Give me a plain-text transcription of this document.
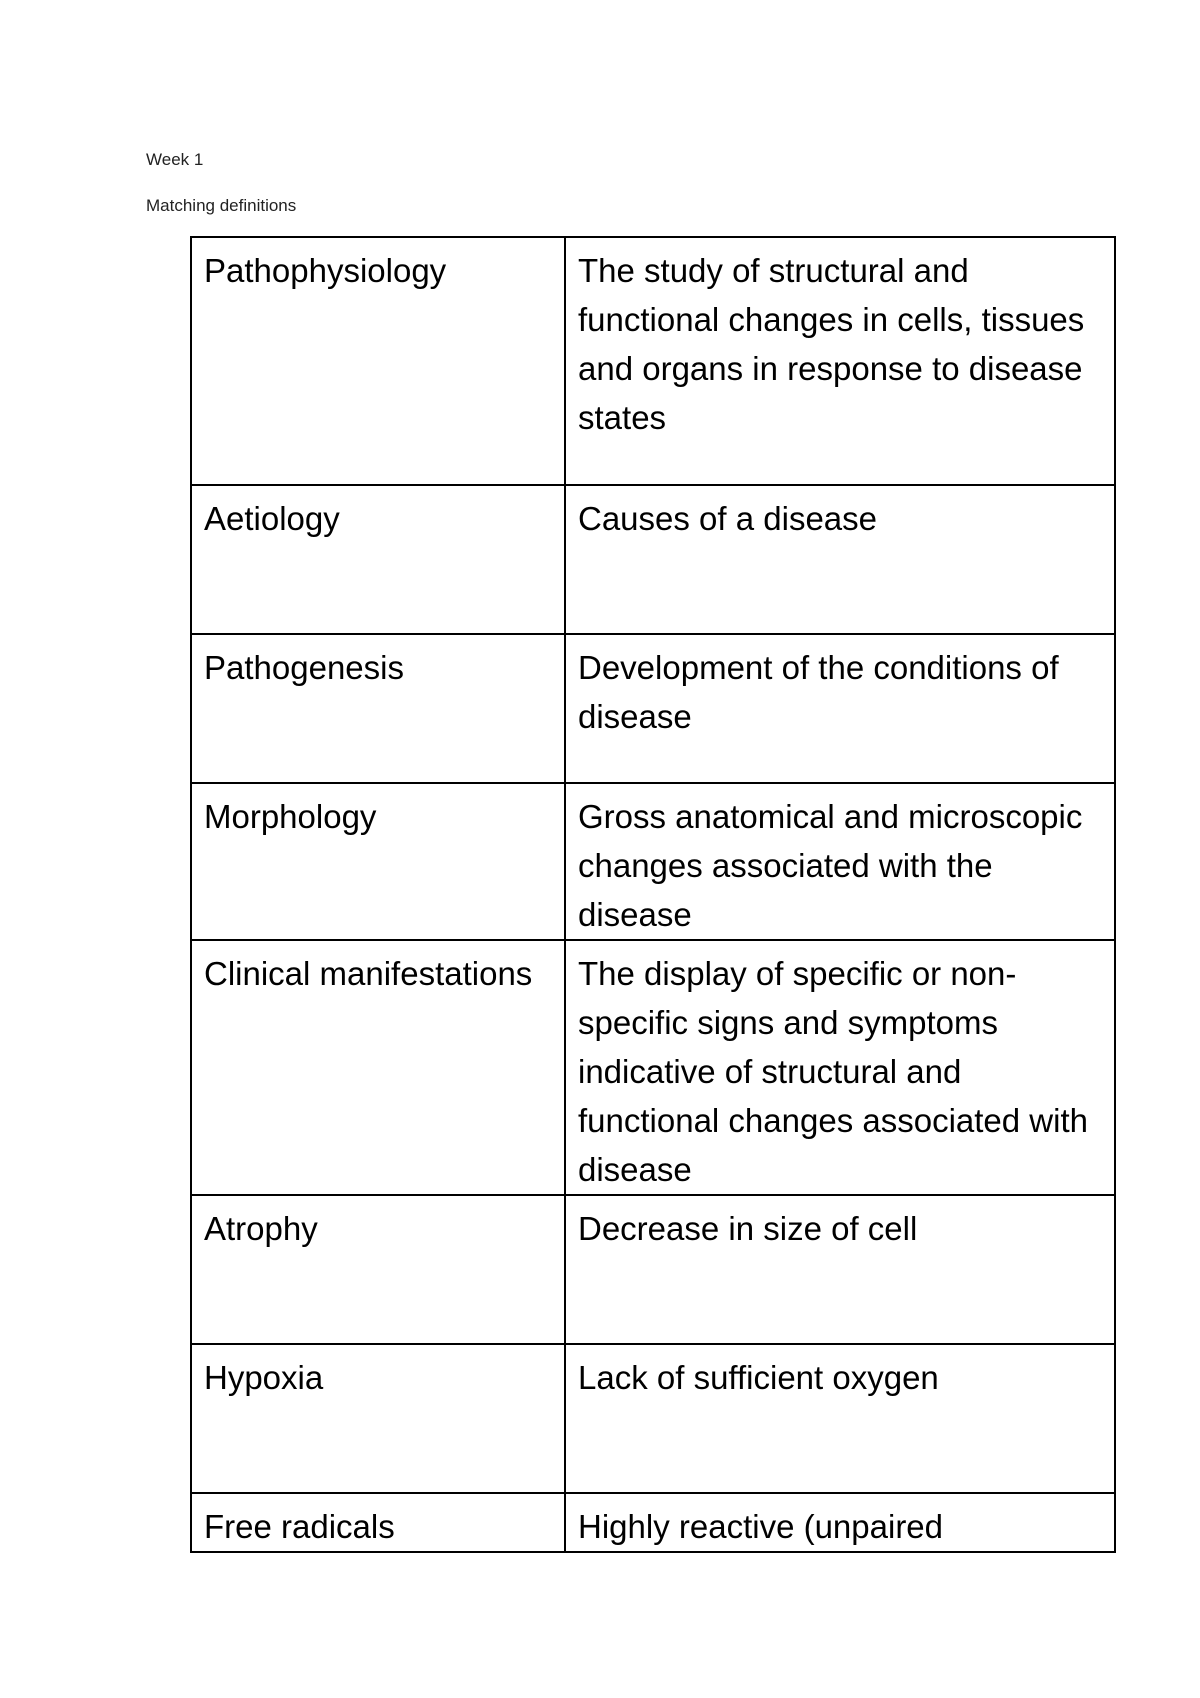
Week 1
Matching definitions
Pathophysiology	The study of structural and functional changes in cells, tissues and organs in response to disease states
Aetiology	Causes of a disease
Pathogenesis	Development of the conditions of disease
Morphology	Gross anatomical and microscopic changes associated with the disease
Clinical manifestations	The display of specific or non-specific signs and symptoms indicative of structural and functional changes associated with disease
Atrophy	Decrease in size of cell
Hypoxia	Lack of sufficient oxygen
Free radicals	Highly reactive (unpaired
